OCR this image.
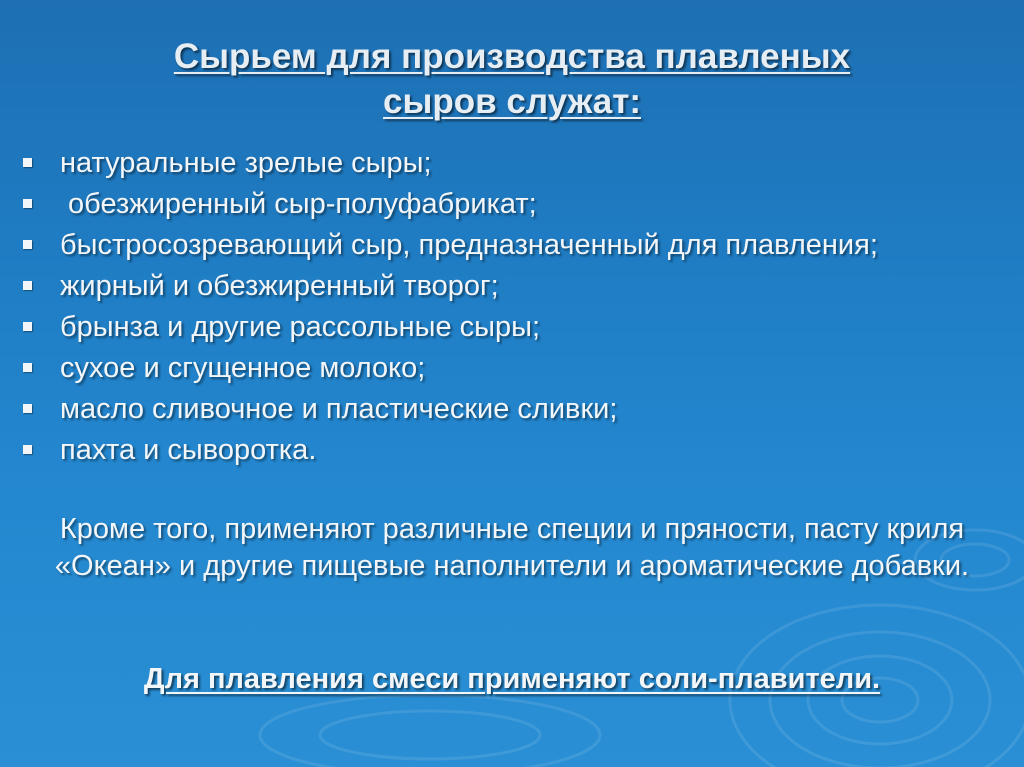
Сырьем для производства плавленых
сыров служат:
натуральные зрелые сыры;
обезжиренный сыр-полуфабрикат;
быстросозревающий сыр, предназначенный для плавления;
жирный и обезжиренный творог;
брынза и другие рассольные сыры;
сухое и сгущенное молоко;
масло сливочное и пластические сливки;
пахта и сыворотка.
Кроме того, применяют различные специи и пряности, пасту криля «Океан» и другие пищевые наполнители и ароматические добавки.
Для плавления смеси применяют соли-плавители.
